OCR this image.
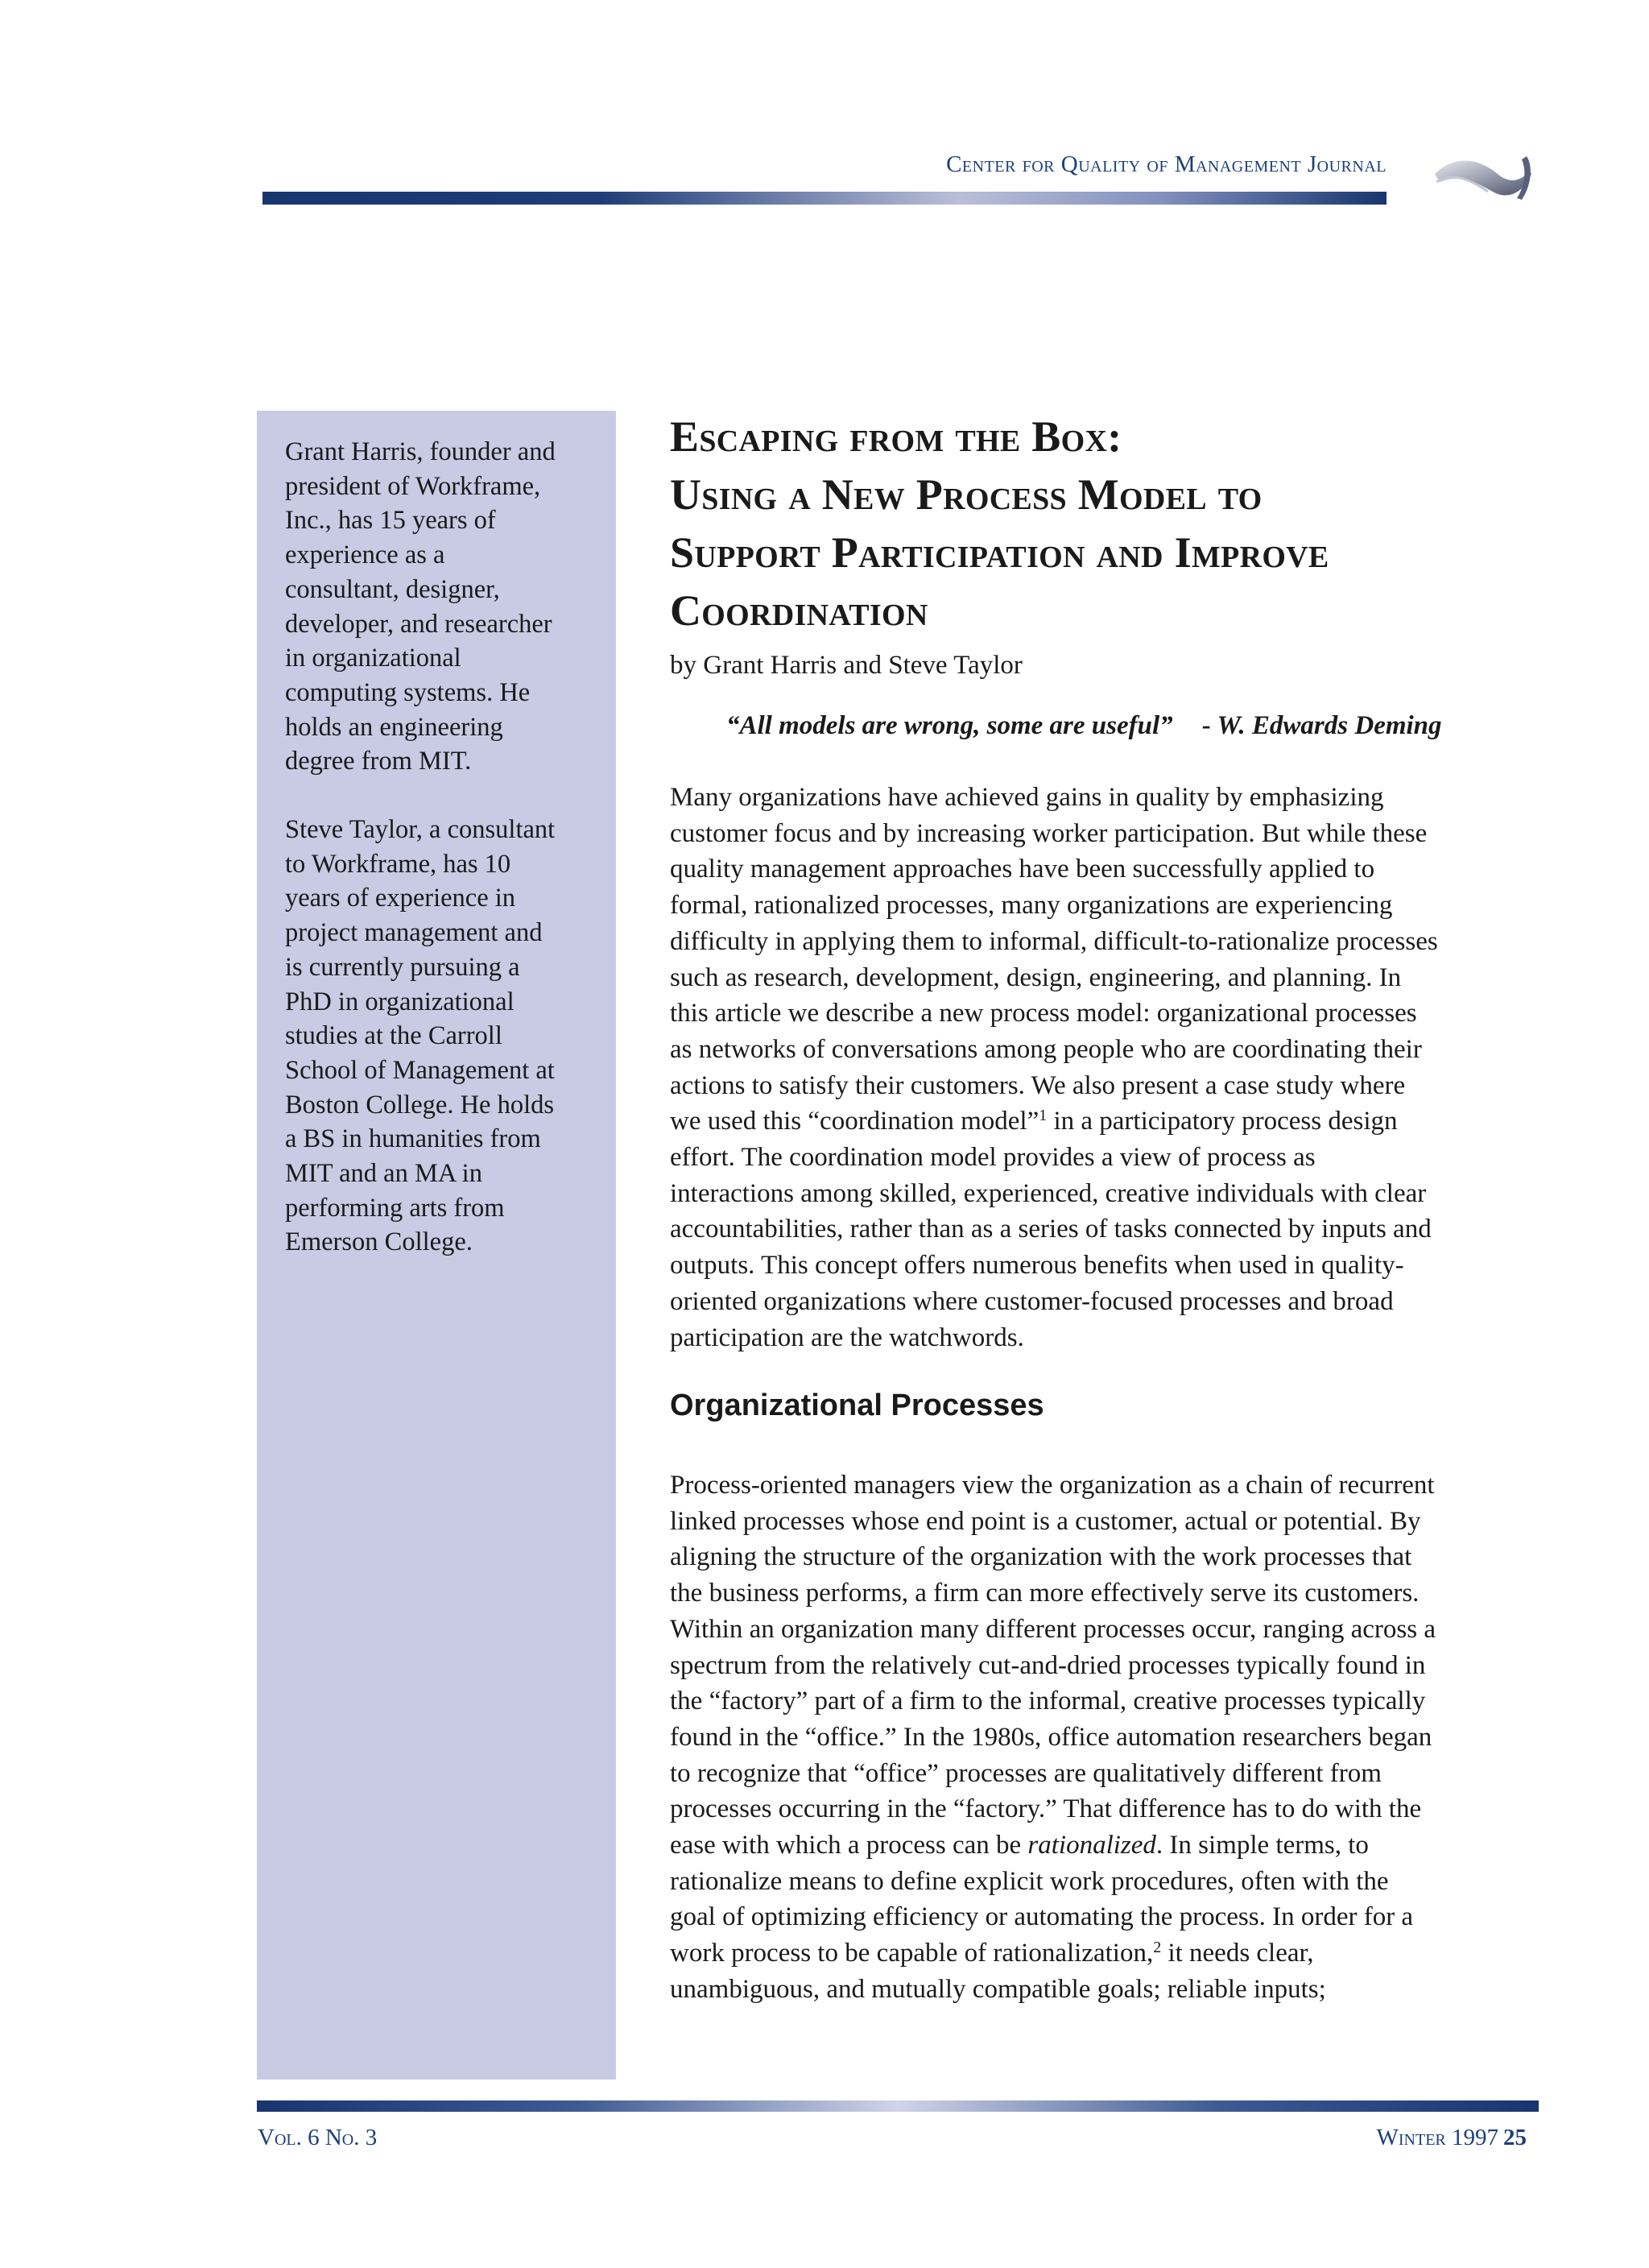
Center for Quality of Management Journal

Grant Harris, founder and
president of Workframe,
Inc., has 15 years of
experience as a
consultant, designer,
developer, and researcher
in organizational
computing systems. He
holds an engineering
degree from MIT.

Steve Taylor, a consultant
to Workframe, has 10
years of experience in
project management and
is currently pursuing a
PhD in organizational
studies at the Carroll
School of Management at
Boston College. He holds
a BS in humanities from
MIT and an MA in
performing arts from
Emerson College.

Escaping from the Box:
Using a New Process Model to
Support Participation and Improve
Coordination
by Grant Harris and Steve Taylor
“All models are wrong, some are useful” - W. Edwards Deming

Many organizations have achieved gains in quality by emphasizing
customer focus and by increasing worker participation. But while these
quality management approaches have been successfully applied to
formal, rationalized processes, many organizations are experiencing
difficulty in applying them to informal, difficult-to-rationalize processes
such as research, development, design, engineering, and planning. In
this article we describe a new process model: organizational processes
as networks of conversations among people who are coordinating their
actions to satisfy their customers. We also present a case study where
we used this “coordination model”$^1$ in a participatory process design
effort. The coordination model provides a view of process as
interactions among skilled, experienced, creative individuals with clear
accountabilities, rather than as a series of tasks connected by inputs and
outputs. This concept offers numerous benefits when used in quality-
oriented organizations where customer-focused processes and broad
participation are the watchwords.

Organizational Processes

Process-oriented managers view the organization as a chain of recurrent
linked processes whose end point is a customer, actual or potential. By
aligning the structure of the organization with the work processes that
the business performs, a firm can more effectively serve its customers.
Within an organization many different processes occur, ranging across a
spectrum from the relatively cut-and-dried processes typically found in
the “factory” part of a firm to the informal, creative processes typically
found in the “office.” In the 1980s, office automation researchers began
to recognize that “office” processes are qualitatively different from
processes occurring in the “factory.” That difference has to do with the
ease with which a process can be rationalized. In simple terms, to
rationalize means to define explicit work procedures, often with the
goal of optimizing efficiency or automating the process. In order for a
work process to be capable of rationalization,$^2$ it needs clear,
unambiguous, and mutually compatible goals; reliable inputs;

Vol. 6 No. 3	Winter 1997 25
